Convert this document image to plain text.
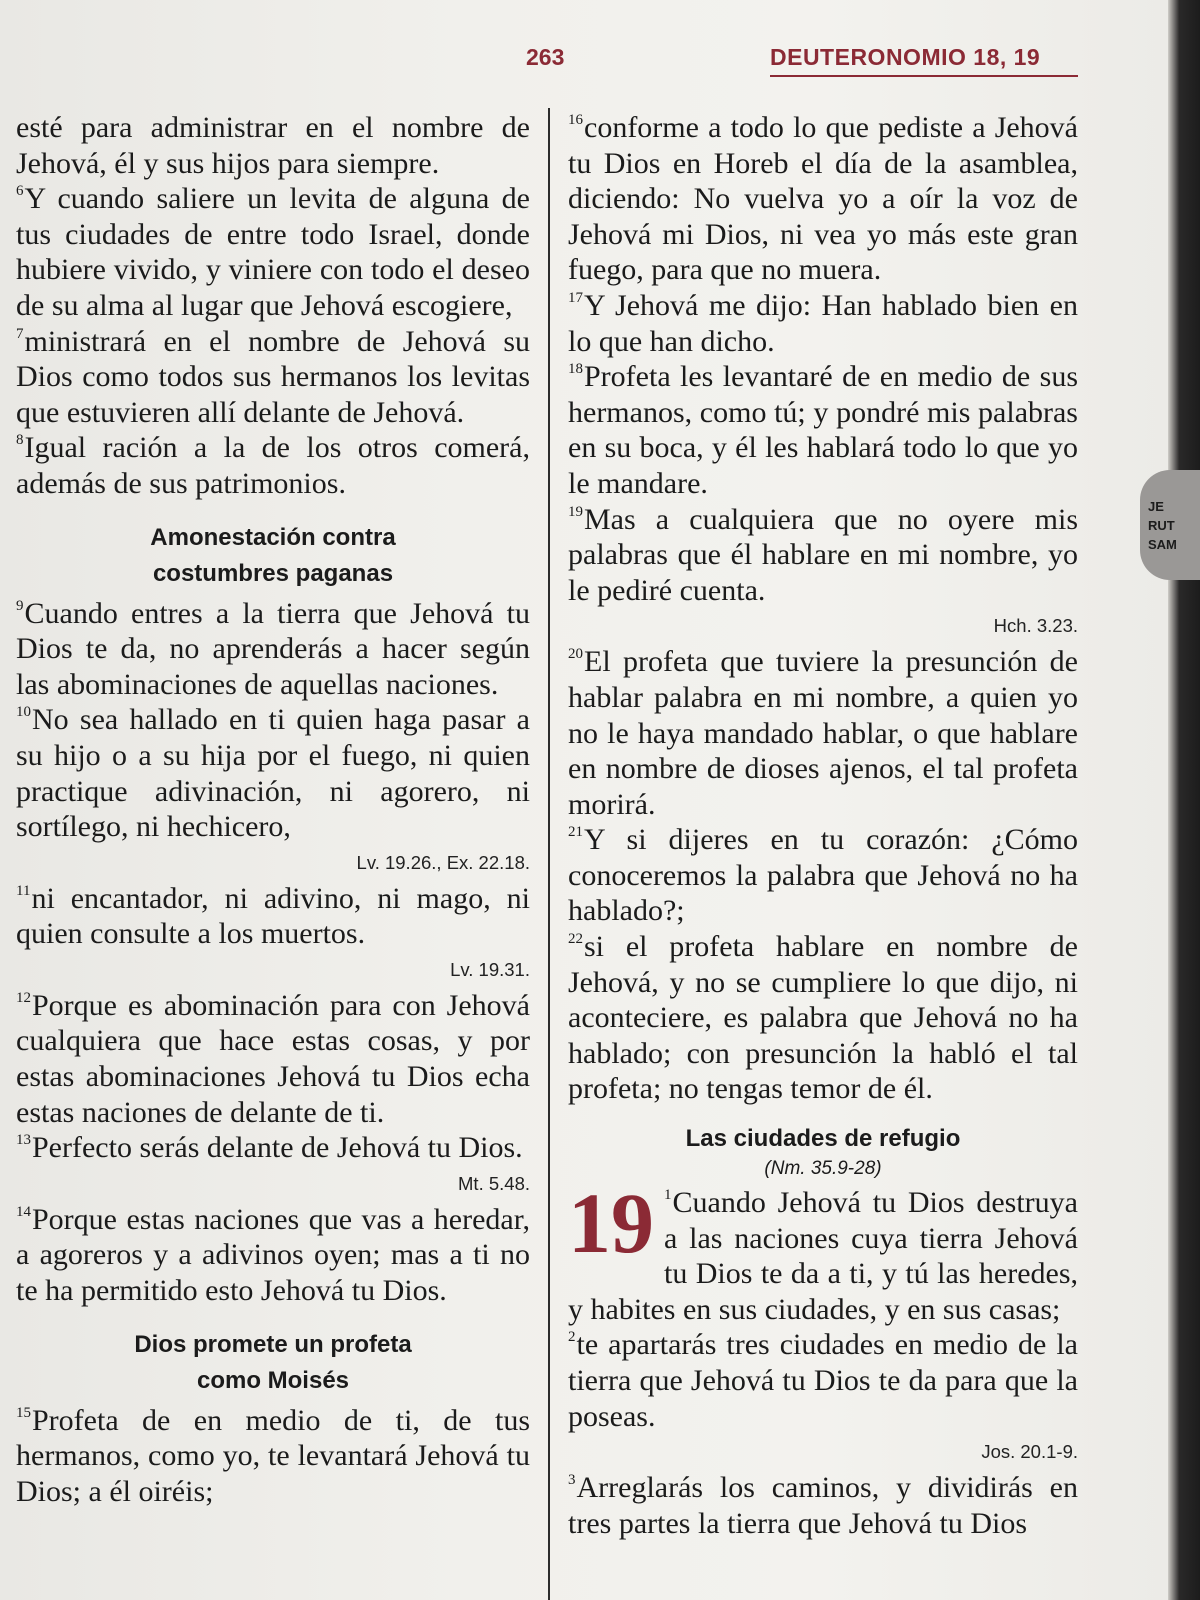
263	DEUTERONOMIO 18, 19

esté para administrar en el nombre de Jehová, él y sus hijos para siempre.

$^6$Y cuando saliere un levita de alguna de tus ciudades de entre todo Israel, donde hubiere vivido, y viniere con todo el deseo de su alma al lugar que Jehová escogiere,

$^7$ministrará en el nombre de Jehová su Dios como todos sus hermanos los levitas que estuvieren allí delante de Jehová.

$^8$Igual ración a la de los otros comerá, además de sus patrimonios.

Amonestación contra costumbres paganas

$^9$Cuando entres a la tierra que Jehová tu Dios te da, no aprenderás a hacer según las abominaciones de aquellas naciones.

$^{10}$No sea hallado en ti quien haga pasar a su hijo o a su hija por el fuego, ni quien practique adivinación, ni agorero, ni sortílego, ni hechicero,

Lv. 19.26., Ex. 22.18.

$^{11}$ni encantador, ni adivino, ni mago, ni quien consulte a los muertos.

Lv. 19.31.

$^{12}$Porque es abominación para con Jehová cualquiera que hace estas cosas, y por estas abominaciones Jehová tu Dios echa estas naciones de delante de ti.

$^{13}$Perfecto serás delante de Jehová tu Dios.

Mt. 5.48.

$^{14}$Porque estas naciones que vas a heredar, a agoreros y a adivinos oyen; mas a ti no te ha permitido esto Jehová tu Dios.

Dios promete un profeta como Moisés

$^{15}$Profeta de en medio de ti, de tus hermanos, como yo, te levantará Jehová tu Dios; a él oiréis;

$^{16}$conforme a todo lo que pediste a Jehová tu Dios en Horeb el día de la asamblea, diciendo: No vuelva yo a oír la voz de Jehová mi Dios, ni vea yo más este gran fuego, para que no muera.

$^{17}$Y Jehová me dijo: Han hablado bien en lo que han dicho.

$^{18}$Profeta les levantaré de en medio de sus hermanos, como tú; y pondré mis palabras en su boca, y él les hablará todo lo que yo le mandare.

$^{19}$Mas a cualquiera que no oyere mis palabras que él hablare en mi nombre, yo le pediré cuenta.

Hch. 3.23.

$^{20}$El profeta que tuviere la presunción de hablar palabra en mi nombre, a quien yo no le haya mandado hablar, o que hablare en nombre de dioses ajenos, el tal profeta morirá.

$^{21}$Y si dijeres en tu corazón: ¿Cómo conoceremos la palabra que Jehová no ha hablado?;

$^{22}$si el profeta hablare en nombre de Jehová, y no se cumpliere lo que dijo, ni aconteciere, es palabra que Jehová no ha hablado; con presunción la habló el tal profeta; no tengas temor de él.

Las ciudades de refugio
(Nm. 35.9-28)
19 $^1$Cuando Jehová tu Dios destruya a las naciones cuya tierra Jehová tu Dios te da a ti, y tú las heredes, y habites en sus ciudades, y en sus casas;

$^2$te apartarás tres ciudades en medio de la tierra que Jehová tu Dios te da para que la poseas.

Jos. 20.1-9.

$^3$Arreglarás los caminos, y dividirás en tres partes la tierra que Jehová tu Dios

JE
RUT
SAM
